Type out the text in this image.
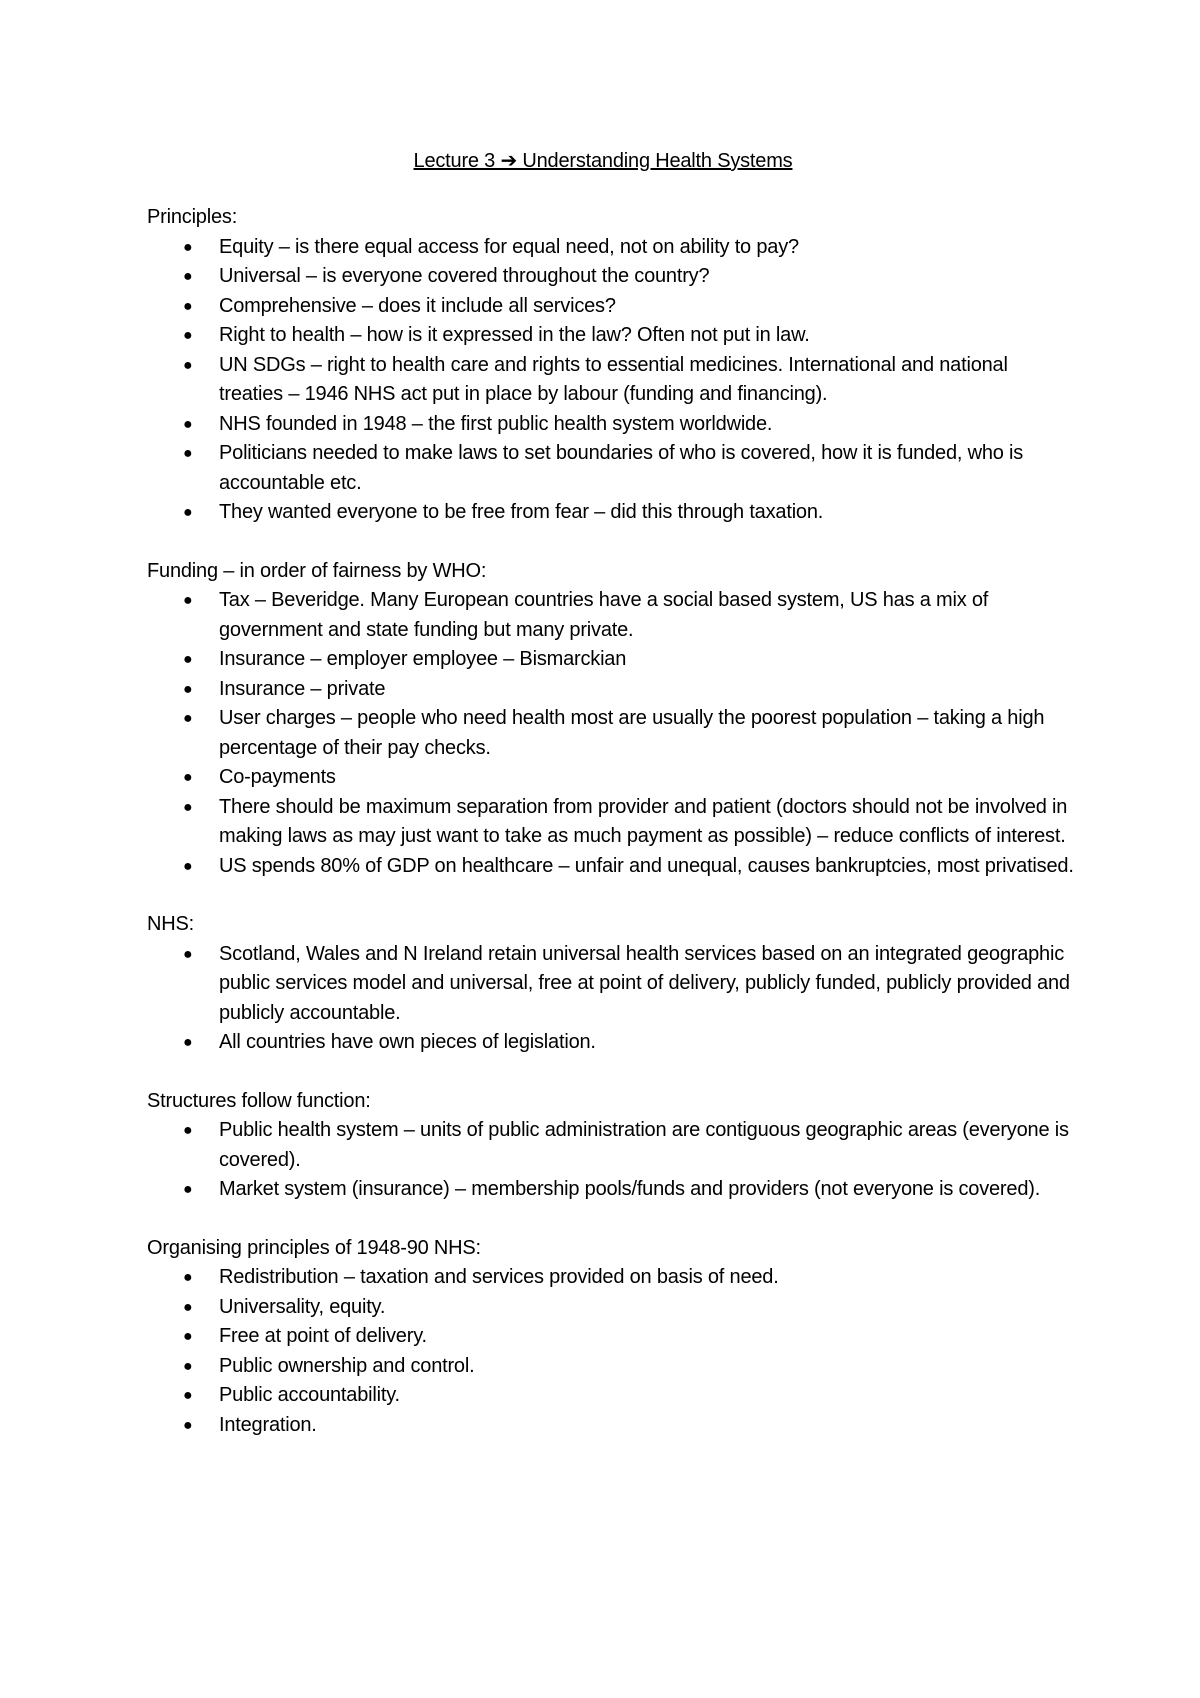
Lecture 3 ➔ Understanding Health Systems
Principles:
● Equity – is there equal access for equal need, not on ability to pay?
● Universal – is everyone covered throughout the country?
● Comprehensive – does it include all services?
● Right to health – how is it expressed in the law? Often not put in law.
● UN SDGs – right to health care and rights to essential medicines. International and national treaties – 1946 NHS act put in place by labour (funding and financing).
● NHS founded in 1948 – the first public health system worldwide.
● Politicians needed to make laws to set boundaries of who is covered, how it is funded, who is accountable etc.
● They wanted everyone to be free from fear – did this through taxation.
Funding – in order of fairness by WHO:
● Tax – Beveridge. Many European countries have a social based system, US has a mix of government and state funding but many private.
● Insurance – employer employee – Bismarckian
● Insurance – private
● User charges – people who need health most are usually the poorest population – taking a high percentage of their pay checks.
● Co-payments
● There should be maximum separation from provider and patient (doctors should not be involved in making laws as may just want to take as much payment as possible) – reduce conflicts of interest.
● US spends 80% of GDP on healthcare – unfair and unequal, causes bankruptcies, most privatised.
NHS:
● Scotland, Wales and N Ireland retain universal health services based on an integrated geographic public services model and universal, free at point of delivery, publicly funded, publicly provided and publicly accountable.
● All countries have own pieces of legislation.
Structures follow function:
● Public health system – units of public administration are contiguous geographic areas (everyone is covered).
● Market system (insurance) – membership pools/funds and providers (not everyone is covered).
Organising principles of 1948-90 NHS:
● Redistribution – taxation and services provided on basis of need.
● Universality, equity.
● Free at point of delivery.
● Public ownership and control.
● Public accountability.
● Integration.
